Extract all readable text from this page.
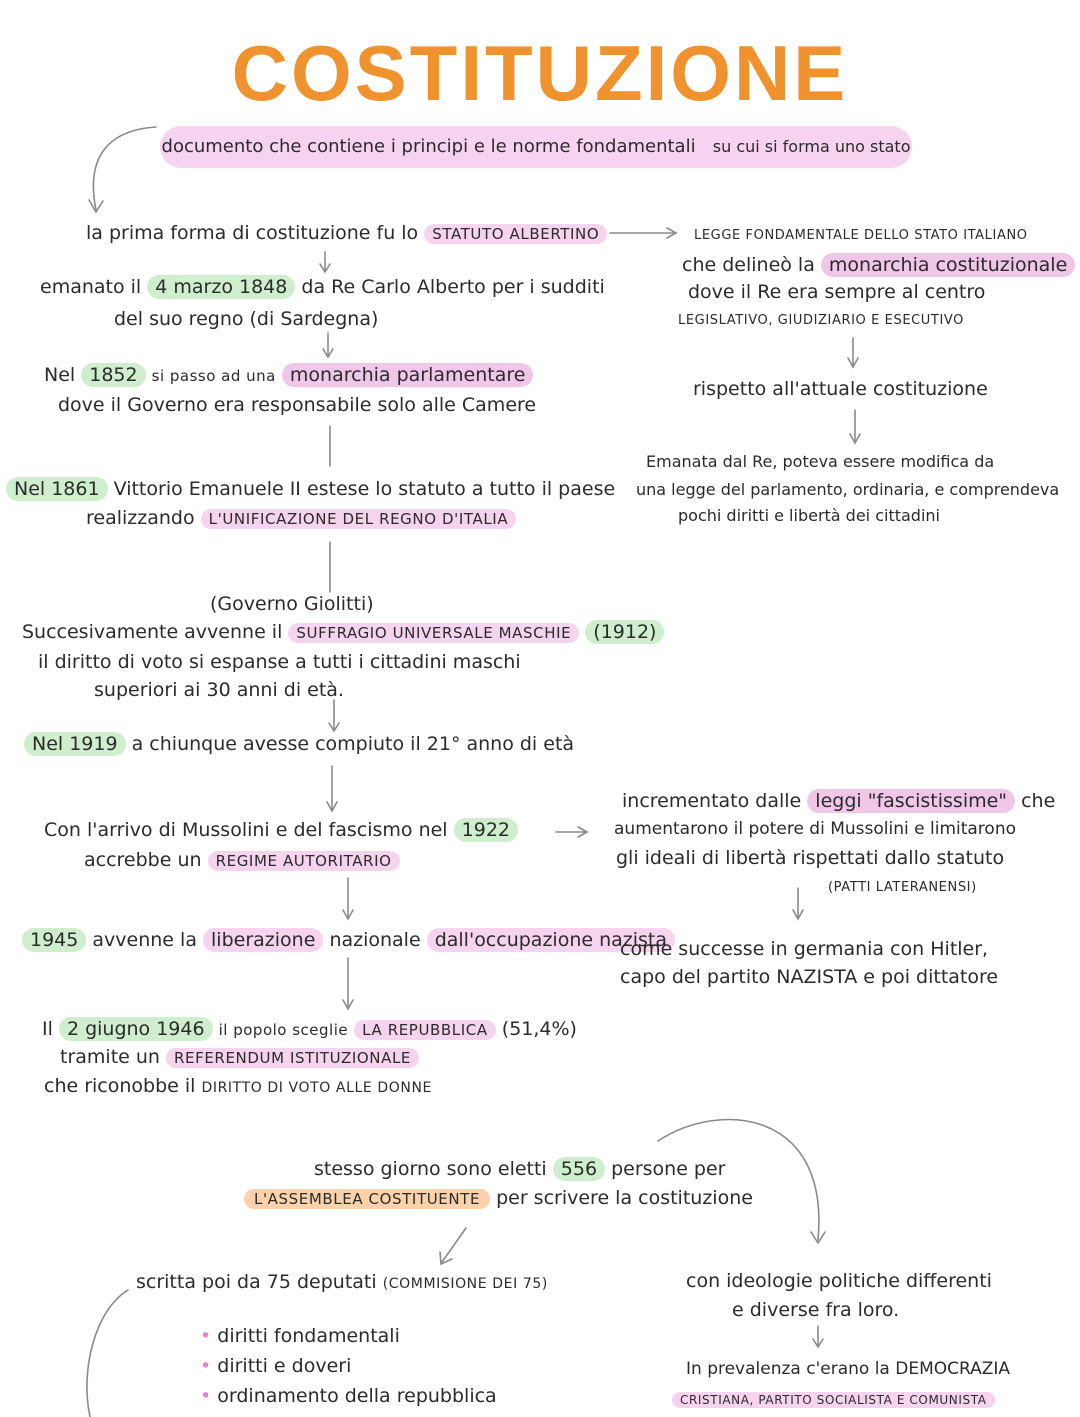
COSTITUZIONE
documento che contiene i principi e le norme fondamentali su cui si forma uno stato
la prima forma di costituzione fu lo STATUTO ALBERTINO
emanato il 4 marzo 1848 da Re Carlo Alberto per i sudditi
del suo regno (di Sardegna)
Nel 1852 si passo ad una monarchia parlamentare
dove il Governo era responsabile solo alle Camere
Nel 1861 Vittorio Emanuele II estese lo statuto a tutto il paese
realizzando L'UNIFICAZIONE DEL REGNO D'ITALIA
(Governo Giolitti)
Succesivamente avvenne il SUFFRAGIO UNIVERSALE MASCHIE (1912)
il diritto di voto si espanse a tutti i cittadini maschi
superiori ai 30 anni di età.
Nel 1919 a chiunque avesse compiuto il 21° anno di età
Con l'arrivo di Mussolini e del fascismo nel 1922
accrebbe un REGIME AUTORITARIO
1945 avvenne la liberazione nazionale dall'occupazione nazista
Il 2 giugno 1946 il popolo sceglie LA REPUBBLICA (51,4%)
tramite un REFERENDUM ISTITUZIONALE
che riconobbe il DIRITTO DI VOTO ALLE DONNE
stesso giorno sono eletti 556 persone per
L'ASSEMBLEA COSTITUENTE per scrivere la costituzione
scritta poi da 75 deputati (COMMISIONE DEI 75)
• diritti fondamentali
• diritti e doveri
• ordinamento della repubblica
LEGGE FONDAMENTALE DELLO STATO ITALIANO
che delineò la monarchia costituzionale
dove il Re era sempre al centro
LEGISLATIVO, GIUDIZIARIO E ESECUTIVO
rispetto all'attuale costituzione
Emanata dal Re, poteva essere modifica da
una legge del parlamento, ordinaria, e comprendeva
pochi diritti e libertà dei cittadini
incrementato dalle leggi "fascistissime" che
aumentarono il potere di Mussolini e limitarono
gli ideali di libertà rispettati dallo statuto
(PATTI LATERANENSI)
come successe in germania con Hitler,
capo del partito NAZISTA e poi dittatore
con ideologie politiche differenti
e diverse fra loro.
In prevalenza c'erano la DEMOCRAZIA
CRISTIANA, PARTITO SOCIALISTA E COMUNISTA
